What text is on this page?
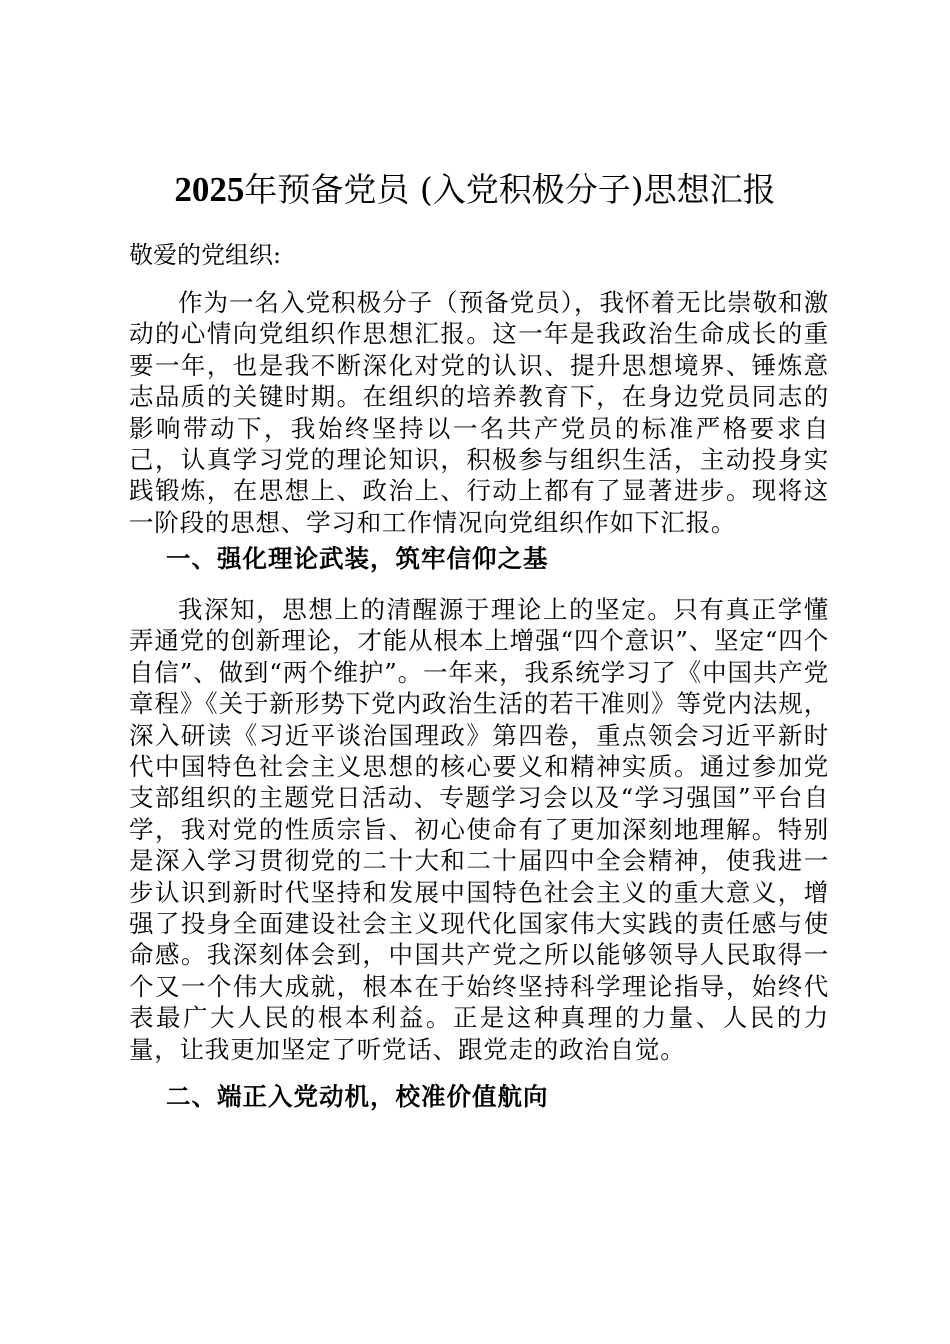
2025年预备党员 (入党积极分子)思想汇报
敬爱的党组织:

作为一名入党积极分子（预备党员），我怀着无比崇敬和激动的心情向党组织作思想汇报。这一年是我政治生命成长的重要一年，也是我不断深化对党的认识、提升思想境界、锤炼意志品质的关键时期。在组织的培养教育下，在身边党员同志的影响带动下，我始终坚持以一名共产党员的标准严格要求自己，认真学习党的理论知识，积极参与组织生活，主动投身实践锻炼，在思想上、政治上、行动上都有了显著进步。现将这一阶段的思想、学习和工作情况向党组织作如下汇报。

一、强化理论武装，筑牢信仰之基

我深知，思想上的清醒源于理论上的坚定。只有真正学懂弄通党的创新理论，才能从根本上增强“四个意识”、坚定“四个自信”、做到“两个维护”。一年来，我系统学习了《中国共产党章程》《关于新形势下党内政治生活的若干准则》等党内法规，深入研读《习近平谈治国理政》第四卷，重点领会习近平新时代中国特色社会主义思想的核心要义和精神实质。通过参加党支部组织的主题党日活动、专题学习会以及“学习强国”平台自学，我对党的性质宗旨、初心使命有了更加深刻地理解。特别是深入学习贯彻党的二十大和二十届四中全会精神，使我进一步认识到新时代坚持和发展中国特色社会主义的重大意义，增强了投身全面建设社会主义现代化国家伟大实践的责任感与使命感。我深刻体会到，中国共产党之所以能够领导人民取得一个又一个伟大成就，根本在于始终坚持科学理论指导，始终代表最广大人民的根本利益。正是这种真理的力量、人民的力量，让我更加坚定了听党话、跟党走的政治自觉。

二、端正入党动机，校准价值航向
